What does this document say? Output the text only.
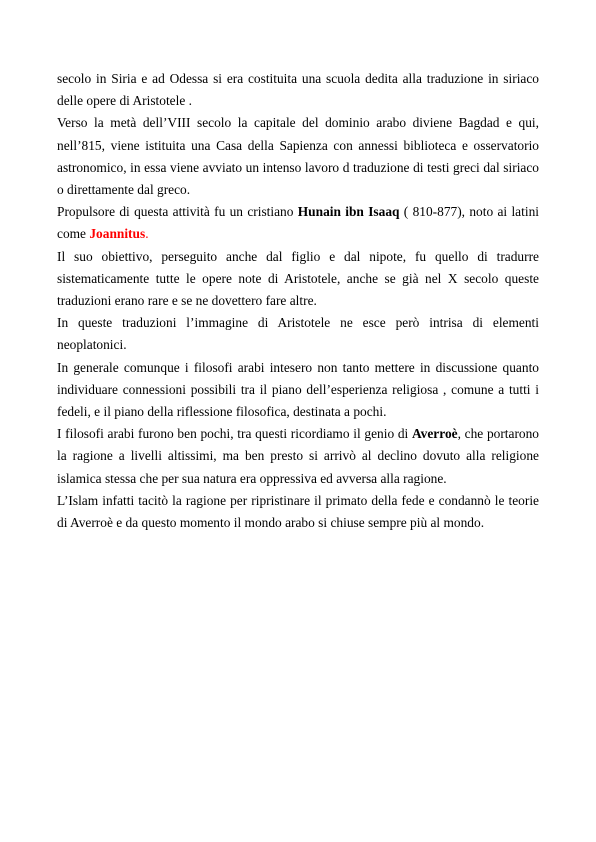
secolo in Siria e ad Odessa si era costituita una scuola dedita alla traduzione in siriaco delle opere di Aristotele .

Verso la metà dell’VIII secolo la capitale del dominio arabo diviene Bagdad e qui, nell’815, viene istituita una Casa della Sapienza con annessi biblioteca e osservatorio astronomico, in essa viene avviato un intenso lavoro d traduzione di testi greci dal siriaco o direttamente dal greco.

Propulsore di questa attività fu un cristiano Hunain ibn Isaaq ( 810-877), noto ai latini come Joannitus.

Il suo obiettivo, perseguito anche dal figlio e dal nipote, fu quello di tradurre sistematicamente tutte le opere note di Aristotele, anche se già nel X secolo queste traduzioni erano rare e se ne dovettero fare altre.

In queste traduzioni l’immagine di Aristotele ne esce però intrisa di elementi neoplatonici.

In generale comunque i filosofi arabi intesero non tanto mettere in discussione quanto individuare connessioni possibili tra il piano dell’esperienza religiosa , comune a tutti i fedeli, e il piano della riflessione filosofica, destinata a pochi.

I filosofi arabi furono ben pochi, tra questi ricordiamo il genio di Averroè, che portarono la ragione a livelli altissimi, ma ben presto si arrivò al declino dovuto alla religione islamica stessa che per sua natura era oppressiva ed avversa alla ragione.

L’Islam infatti tacitò la ragione per ripristinare il primato della fede e condannò le teorie di Averroè e da questo momento il mondo arabo si chiuse sempre più al mondo.
